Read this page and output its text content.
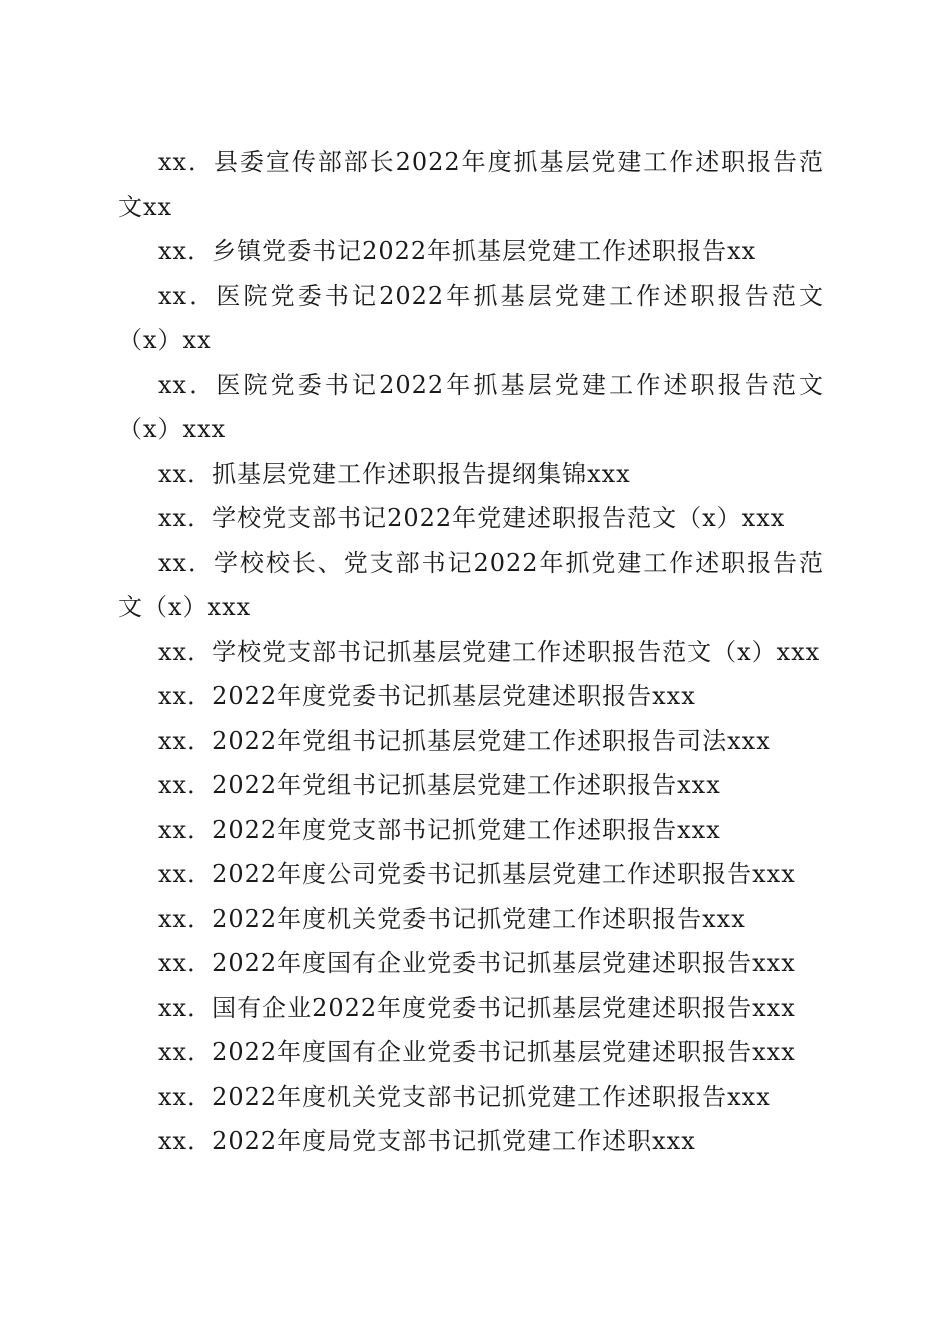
xx．县委宣传部部长2022年度抓基层党建工作述职报告范文xx

xx．乡镇党委书记2022年抓基层党建工作述职报告xx

xx．医院党委书记2022年抓基层党建工作述职报告范文（x）xx

xx．医院党委书记2022年抓基层党建工作述职报告范文（x）xxx

xx．抓基层党建工作述职报告提纲集锦xxx

xx．学校党支部书记2022年党建述职报告范文（x）xxx

xx．学校校长、党支部书记2022年抓党建工作述职报告范文（x）xxx

xx．学校党支部书记抓基层党建工作述职报告范文（x）xxx

xx．2022年度党委书记抓基层党建述职报告xxx

xx．2022年党组书记抓基层党建工作述职报告司法xxx

xx．2022年党组书记抓基层党建工作述职报告xxx

xx．2022年度党支部书记抓党建工作述职报告xxx

xx．2022年度公司党委书记抓基层党建工作述职报告xxx

xx．2022年度机关党委书记抓党建工作述职报告xxx

xx．2022年度国有企业党委书记抓基层党建述职报告xxx

xx．国有企业2022年度党委书记抓基层党建述职报告xxx

xx．2022年度国有企业党委书记抓基层党建述职报告xxx

xx．2022年度机关党支部书记抓党建工作述职报告xxx

xx．2022年度局党支部书记抓党建工作述职xxx
